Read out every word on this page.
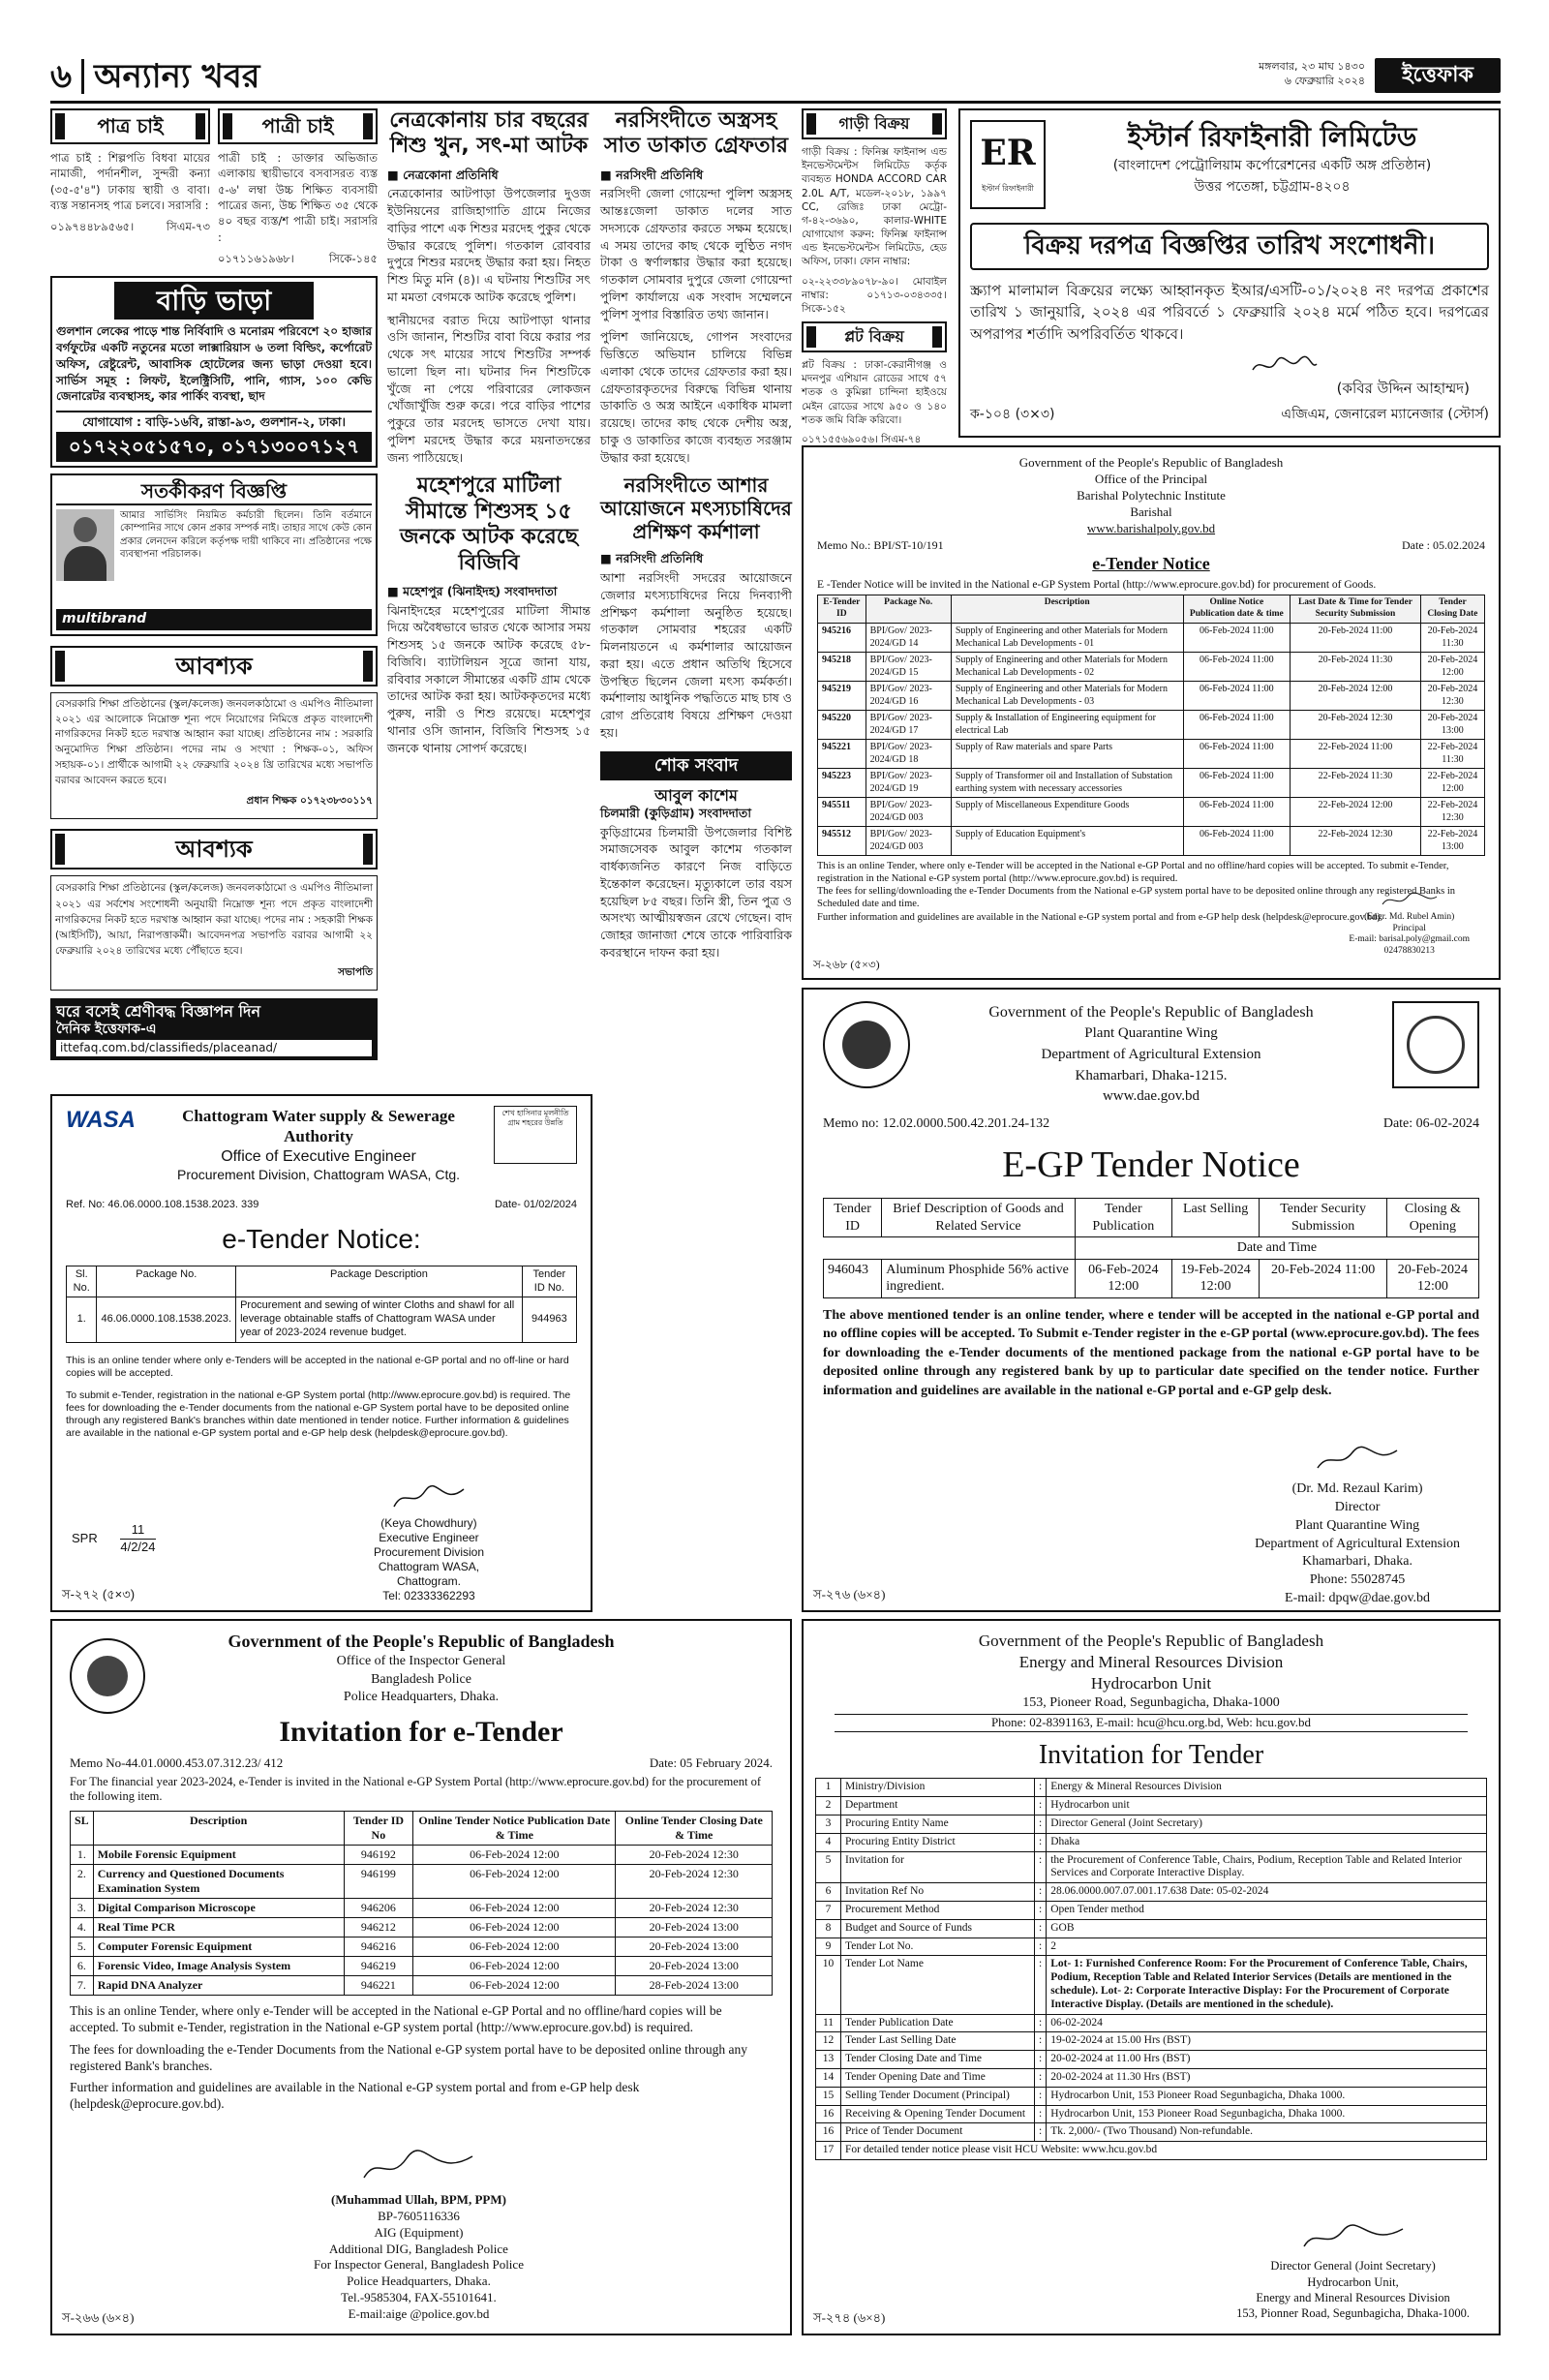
৬ অন্যান্য খবর	মঙ্গলবার, ২৩ মাঘ ১৪৩০
৬ ফেব্রুয়ারি ২০২৪	ইত্তেফাক
পাত্র চাই

পাত্র চাই : শিল্পপতি বিধবা মায়ের নামাজী, পর্দানশীল, সুন্দরী কন্যা (৩৫-৫'৪") ঢাকায় স্থায়ী ও বাবা। ব্যস্ত সন্তানসহ পাত্র চলবে। সরাসরি :

০১৯৭৪৪৮৯৫৬৫।	সিএম-৭৩

পাত্রী চাই

পাত্রী চাই : ডাক্তার অভিজাত এলাকায় স্থায়ীভাবে বসবাসরত ব্যস্ত ৫-৬' লম্বা উচ্চ শিক্ষিত ব্যবসায়ী পাত্রের জন্য, উচ্চ শিক্ষিত ৩৫ থেকে ৪০ বছর ব্যস্ত/শ পাত্রী চাই। সরাসরি :

০১৭১১৬১৯৬৮।	সিকে-১৪৫

বাড়ি ভাড়া

গুলশান লেকের পাড়ে শান্ত নির্বিবাদি ও মনোরম পরিবেশে ২০ হাজার বর্গফুটের একটি নতুনের মতো লাক্সারিয়াস ৬ তলা বিল্ডিং, কর্পোরেট অফিস, রেষ্টুরেন্ট, আবাসিক হোটেলের জন্য ভাড়া দেওয়া হবে। সার্ভিস সমূহ : লিফট, ইলেক্ট্রিসিটি, পানি, গ্যাস, ১০০ কেভি জেনারেটর ব্যবস্থাসহ, কার পার্কিং ব্যবস্থা, ছাদ

যোগাযোগ : বাড়ি-১৬বি, রাস্তা-৯৩, গুলশান-২, ঢাকা।
০১৭২২০৫১৫৭০, ০১৭১৩০০৭১২৭
সতর্কীকরণ বিজ্ঞপ্তি

আমার সার্ভিসিং নিয়মিত কর্মচারী ছিলেন। তিনি বর্তমানে কোম্পানির সাথে কোন প্রকার সম্পর্ক নাই। তাহার সাথে কেউ কোন প্রকার লেনদেন করিলে কর্তৃপক্ষ দায়ী থাকিবে না। প্রতিষ্ঠানের পক্ষে ব্যবস্থাপনা পরিচালক।

multibrand
আবশ্যক

বেসরকারি শিক্ষা প্রতিষ্ঠানের (স্কুল/কলেজ) জনবলকাঠামো ও এমপিও নীতিমালা ২০২১ এর আলোকে নিম্নোক্ত শূন্য পদে নিয়োগের নিমিত্তে প্রকৃত বাংলাদেশী নাগরিকদের নিকট হতে দরখাস্ত আহ্বান করা যাচ্ছে। প্রতিষ্ঠানের নাম : সরকারি অনুমোদিত শিক্ষা প্রতিষ্ঠান। পদের নাম ও সংখ্যা : শিক্ষক-০১, অফিস সহায়ক-০১। প্রার্থীকে আগামী ২২ ফেব্রুয়ারি ২০২৪ খ্রি তারিখের মধ্যে সভাপতি বরাবর আবেদন করতে হবে।

প্রধান শিক্ষক ০১৭২৩৮৩০১১৭

আবশ্যক

বেসরকারি শিক্ষা প্রতিষ্ঠানের (স্কুল/কলেজ) জনবলকাঠামো ও এমপিও নীতিমালা ২০২১ এর সর্বশেষ সংশোধনী অনুযায়ী নিম্নোক্ত শূন্য পদে প্রকৃত বাংলাদেশী নাগরিকদের নিকট হতে দরখাস্ত আহ্বান করা যাচ্ছে। পদের নাম : সহকারী শিক্ষক (আইসিটি), আয়া, নিরাপত্তাকর্মী। আবেদনপত্র সভাপতি বরাবর আগামী ২২ ফেব্রুয়ারি ২০২৪ তারিখের মধ্যে পৌঁছাতে হবে।

সভাপতি

ঘরে বসেই শ্রেণীবদ্ধ বিজ্ঞাপন দিন
দৈনিক ইত্তেফাক-এ
ittefaq.com.bd/classifieds/placeanad/
নেত্রকোনায় চার বছরের শিশু খুন, সৎ-মা আটক
■ নেত্রকোনা প্রতিনিধি

নেত্রকোনার আটপাড়া উপজেলার দুওজ ইউনিয়নের রাজিহাগাতি গ্রামে নিজের বাড়ির পাশে এক শিশুর মরদেহ পুকুর থেকে উদ্ধার করেছে পুলিশ। গতকাল রোববার দুপুরে শিশুর মরদেহ উদ্ধার করা হয়। নিহত শিশু মিতু মনি (৪)। এ ঘটনায় শিশুটির সৎ মা মমতা বেগমকে আটক করেছে পুলিশ।

স্থানীয়দের বরাত দিয়ে আটপাড়া থানার ওসি জানান, শিশুটির বাবা বিয়ে করার পর থেকে সৎ মায়ের সাথে শিশুটির সম্পর্ক ভালো ছিল না। ঘটনার দিন শিশুটিকে খুঁজে না পেয়ে পরিবারের লোকজন খোঁজাখুঁজি শুরু করে। পরে বাড়ির পাশের পুকুরে তার মরদেহ ভাসতে দেখা যায়। পুলিশ মরদেহ উদ্ধার করে ময়নাতদন্তের জন্য পাঠিয়েছে।

মহেশপুরে মাটিলা সীমান্তে শিশুসহ ১৫ জনকে আটক করেছে বিজিবি
■ মহেশপুর (ঝিনাইদহ) সংবাদদাতা

ঝিনাইদহের মহেশপুরের মাটিলা সীমান্ত দিয়ে অবৈধভাবে ভারত থেকে আসার সময় শিশুসহ ১৫ জনকে আটক করেছে ৫৮-বিজিবি। ব্যাটালিয়ন সূত্রে জানা যায়, রবিবার সকালে সীমান্তের একটি গ্রাম থেকে তাদের আটক করা হয়। আটককৃতদের মধ্যে পুরুষ, নারী ও শিশু রয়েছে। মহেশপুর থানার ওসি জানান, বিজিবি শিশুসহ ১৫ জনকে থানায় সোপর্দ করেছে।

নরসিংদীতে অস্ত্রসহ সাত ডাকাত গ্রেফতার
■ নরসিংদী প্রতিনিধি

নরসিংদী জেলা গোয়েন্দা পুলিশ অস্ত্রসহ আন্তঃজেলা ডাকাত দলের সাত সদস্যকে গ্রেফতার করতে সক্ষম হয়েছে। এ সময় তাদের কাছ থেকে লুণ্ঠিত নগদ টাকা ও স্বর্ণালঙ্কার উদ্ধার করা হয়েছে। গতকাল সোমবার দুপুরে জেলা গোয়েন্দা পুলিশ কার্যালয়ে এক সংবাদ সম্মেলনে পুলিশ সুপার বিস্তারিত তথ্য জানান।

পুলিশ জানিয়েছে, গোপন সংবাদের ভিত্তিতে অভিযান চালিয়ে বিভিন্ন এলাকা থেকে তাদের গ্রেফতার করা হয়। গ্রেফতারকৃতদের বিরুদ্ধে বিভিন্ন থানায় ডাকাতি ও অস্ত্র আইনে একাধিক মামলা রয়েছে। তাদের কাছ থেকে দেশীয় অস্ত্র, চাকু ও ডাকাতির কাজে ব্যবহৃত সরঞ্জাম উদ্ধার করা হয়েছে।

নরসিংদীতে আশার আয়োজনে মৎস্যচাষিদের প্রশিক্ষণ কর্মশালা
■ নরসিংদী প্রতিনিধি

আশা নরসিংদী সদরের আয়োজনে জেলার মৎস্যচাষিদের নিয়ে দিনব্যাপী প্রশিক্ষণ কর্মশালা অনুষ্ঠিত হয়েছে। গতকাল সোমবার শহরের একটি মিলনায়তনে এ কর্মশালার আয়োজন করা হয়। এতে প্রধান অতিথি হিসেবে উপস্থিত ছিলেন জেলা মৎস্য কর্মকর্তা। কর্মশালায় আধুনিক পদ্ধতিতে মাছ চাষ ও রোগ প্রতিরোধ বিষয়ে প্রশিক্ষণ দেওয়া হয়।

শোক সংবাদ
আবুল কাশেম
চিলমারী (কুড়িগ্রাম) সংবাদদাতা

কুড়িগ্রামের চিলমারী উপজেলার বিশিষ্ট সমাজসেবক আবুল কাশেম গতকাল বার্ধক্যজনিত কারণে নিজ বাড়িতে ইন্তেকাল করেছেন। মৃত্যুকালে তার বয়স হয়েছিল ৮৫ বছর। তিনি স্ত্রী, তিন পুত্র ও অসংখ্য আত্মীয়স্বজন রেখে গেছেন। বাদ জোহর জানাজা শেষে তাকে পারিবারিক কবরস্থানে দাফন করা হয়।

গাড়ী বিক্রয়

গাড়ী বিক্রয় : ফিনিক্স ফাইনান্স এন্ড ইনভেস্টমেন্টস লিমিটেড কর্তৃক ব্যবহৃত HONDA ACCORD CAR 2.0L A/T, মডেল-২০১৮, ১৯৯৭ CC, রেজিঃ ঢাকা মেট্রো-গ-৪২-৩৬৯০, কালার-WHITE যোগাযোগ করুন: ফিনিক্স ফাইনান্স এন্ড ইনভেস্টমেন্টস লিমিটেড, হেড অফিস, ঢাকা। ফোন নাম্বার:

০২-২২৩৩৮৯০৭৮-৯০। মোবাইল নাম্বার: ০১৭১৩-০৩৪৩৩৫। সিকে-১৫২

প্লট বিক্রয়

প্লট বিক্রয় : ঢাকা-কেরানীগঞ্জ ও মদনপুর এশিয়ান রোডের সাথে ৫৭ শতক ও কুমিল্লা চান্দিনা হাইওয়ে মেইন রোডের সাথে ৯৫০ ও ১৪০ শতক জমি বিক্রি করিবো।

০১৭১৫৫৬৯০৫৬। সিএম-৭৪

ER
ইস্টার্ন রিফাইনারী
ইস্টার্ন রিফাইনারী লিমিটেড
(বাংলাদেশ পেট্রোলিয়াম কর্পোরেশনের একটি অঙ্গ প্রতিষ্ঠান)
উত্তর পতেঙ্গা, চট্টগ্রাম-৪২০৪
বিক্রয় দরপত্র বিজ্ঞপ্তির তারিখ সংশোধনী।

স্ক্র্যাপ মালামাল বিক্রয়ের লক্ষ্যে আহ্বানকৃত ইআর/এসটি-০১/২০২৪ নং দরপত্র প্রকাশের তারিখ ১ জানুয়ারি, ২০২৪ এর পরিবর্তে ১ ফেব্রুয়ারি ২০২৪ মর্মে পঠিত হবে। দরপত্রের অপরাপর শর্তাদি অপরিবর্তিত থাকবে।

(কবির উদ্দিন আহাম্মদ)
ক-১০৪ (৩×৩)	এজিএম, জেনারেল ম্যানেজার (স্টোর্স)
Government of the People's Republic of Bangladesh
Office of the Principal
Barishal Polytechnic Institute
Barishal
www.barishalpoly.gov.bd
Memo No.: BPI/ST-10/191	Date : 05.02.2024
e-Tender Notice

E -Tender Notice will be invited in the National e-GP System Portal (http://www.eprocure.gov.bd) for procurement of Goods.

E-Tender ID	Package No.	Description	Online Notice Publication date & time	Last Date & Time for Tender Security Submission	Tender Closing Date
945216	BPI/Gov/ 2023-2024/GD 14	Supply of Engineering and other Materials for Modern Mechanical Lab Developments - 01	06-Feb-2024 11:00	20-Feb-2024 11:00	20-Feb-2024 11:30
945218	BPI/Gov/ 2023-2024/GD 15	Supply of Engineering and other Materials for Modern Mechanical Lab Developments - 02	06-Feb-2024 11:00	20-Feb-2024 11:30	20-Feb-2024 12:00
945219	BPI/Gov/ 2023-2024/GD 16	Supply of Engineering and other Materials for Modern Mechanical Lab Developments - 03	06-Feb-2024 11:00	20-Feb-2024 12:00	20-Feb-2024 12:30
945220	BPI/Gov/ 2023-2024/GD 17	Supply & Installation of Engineering equipment for electrical Lab	06-Feb-2024 11:00	20-Feb-2024 12:30	20-Feb-2024 13:00
945221	BPI/Gov/ 2023-2024/GD 18	Supply of Raw materials and spare Parts	06-Feb-2024 11:00	22-Feb-2024 11:00	22-Feb-2024 11:30
945223	BPI/Gov/ 2023-2024/GD 19	Supply of Transformer oil and Installation of Substation earthing system with necessary accessories	06-Feb-2024 11:00	22-Feb-2024 11:30	22-Feb-2024 12:00
945511	BPI/Gov/ 2023-2024/GD 003	Supply of Miscellaneous Expenditure Goods	06-Feb-2024 11:00	22-Feb-2024 12:00	22-Feb-2024 12:30
945512	BPI/Gov/ 2023-2024/GD 003	Supply of Education Equipment's	06-Feb-2024 11:00	22-Feb-2024 12:30	22-Feb-2024 13:00

This is an online Tender, where only e-Tender will be accepted in the National e-GP Portal and no offline/hard copies will be accepted. To submit e-Tender, registration in the National e-GP system portal (http://www.eprocure.gov.bd) is required.

The fees for selling/downloading the e-Tender Documents from the National e-GP system portal have to be deposited online through any registered Banks in Scheduled date and time.

Further information and guidelines are available in the National e-GP system portal and from e-GP help desk (helpdesk@eprocure.gov.bd).

(Engr. Md. Rubel Amin)
Principal
E-mail: barisal.poly@gmail.com
02478830213
স-২৬৮ (৫×৩)
WASA	Chattogram Water supply & Sewerage Authority
Office of Executive Engineer
Procurement Division, Chattogram WASA, Ctg.
শেখ হাসিনার মূলনীতি গ্রাম শহরের উন্নতি
Ref. No: 46.06.0000.108.1538.2023. 339	Date- 01/02/2024
e-Tender Notice:
Sl. No.	Package No.	Package Description	Tender ID No.
1.	46.06.0000.108.1538.2023.	Procurement and sewing of winter Cloths and shawl for all leverage obtainable staffs of Chattogram WASA under year of 2023-2024 revenue budget.	944963

This is an online tender where only e-Tenders will be accepted in the national e-GP portal and no off-line or hard copies will be accepted.

To submit e-Tender, registration in the national e-GP System portal (http://www.eprocure.gov.bd) is required. The fees for downloading the e-Tender documents from the national e-GP System portal have to be deposited online through any registered Bank's branches within date mentioned in tender notice. Further information & guidelines are available in the national e-GP system portal and e-GP help desk (helpdesk@eprocure.gov.bd).

SPR $\frac{11}{4/2/24}$	(Keya Chowdhury)
Executive Engineer
Procurement Division
Chattogram WASA,
Chattogram.
Tel: 02333362293
স-২৭২ (৫×৩)
Government of the People's Republic of Bangladesh
Plant Quarantine Wing
Department of Agricultural Extension
Khamarbari, Dhaka-1215.
www.dae.gov.bd
Memo no: 12.02.0000.500.42.201.24-132	Date: 06-02-2024
E-GP Tender Notice
Tender ID	Brief Description of Goods and Related Service	Tender Publication	Last Selling	Tender Security Submission	Closing & Opening
		Date and Time			
946043	Aluminum Phosphide 56% active ingredient.	06-Feb-2024 12:00	19-Feb-2024 12:00	20-Feb-2024 11:00	20-Feb-2024 12:00

The above mentioned tender is an online tender, where e tender will be accepted in the national e-GP portal and no offline copies will be accepted. To Submit e-Tender register in the e-GP portal (www.eprocure.gov.bd). The fees for downloading the e-Tender documents of the mentioned package from the national e-GP portal have to be deposited online through any registered bank by up to particular date specified on the tender notice. Further information and guidelines are available in the national e-GP portal and e-GP gelp desk.

(Dr. Md. Rezaul Karim)
Director
Plant Quarantine Wing
Department of Agricultural Extension
Khamarbari, Dhaka.
Phone: 55028745
E-mail: dpqw@dae.gov.bd
স-২৭৬ (৬×৪)
Government of the People's Republic of Bangladesh
Office of the Inspector General
Bangladesh Police
Police Headquarters, Dhaka.
Invitation for e-Tender
Memo No-44.01.0000.453.07.312.23/ 412	Date: 05 February 2024.

For The financial year 2023-2024, e-Tender is invited in the National e-GP System Portal (http://www.eprocure.gov.bd) for the procurement of the following item.

SL	Description	Tender ID No	Online Tender Notice Publication Date & Time	Online Tender Closing Date & Time
1.	Mobile Forensic Equipment	946192	06-Feb-2024 12:00	20-Feb-2024 12:30
2.	Currency and Questioned Documents Examination System	946199	06-Feb-2024 12:00	20-Feb-2024 12:30
3.	Digital Comparison Microscope	946206	06-Feb-2024 12:00	20-Feb-2024 12:30
4.	Real Time PCR	946212	06-Feb-2024 12:00	20-Feb-2024 13:00
5.	Computer Forensic Equipment	946216	06-Feb-2024 12:00	20-Feb-2024 13:00
6.	Forensic Video, Image Analysis System	946219	06-Feb-2024 12:00	20-Feb-2024 13:00
7.	Rapid DNA Analyzer	946221	06-Feb-2024 12:00	28-Feb-2024 13:00

This is an online Tender, where only e-Tender will be accepted in the National e-GP Portal and no offline/hard copies will be accepted. To submit e-Tender, registration in the National e-GP system portal (http://www.eprocure.gov.bd) is required.

The fees for downloading the e-Tender Documents from the National e-GP system portal have to be deposited online through any registered Bank's branches.

Further information and guidelines are available in the National e-GP system portal and from e-GP help desk (helpdesk@eprocure.gov.bd).

(Muhammad Ullah, BPM, PPM)
BP-7605116336
AIG (Equipment)
Additional DIG, Bangladesh Police
For Inspector General, Bangladesh Police
Police Headquarters, Dhaka.
Tel.-9585304, FAX-55101641.
E-mail:aige @police.gov.bd
স-২৬৬ (৬×৪)
Government of the People's Republic of Bangladesh
Energy and Mineral Resources Division
Hydrocarbon Unit
153, Pioneer Road, Segunbagicha, Dhaka-1000
Phone: 02-8391163, E-mail: hcu@hcu.org.bd, Web: hcu.gov.bd
Invitation for Tender
1	Ministry/Division	:	Energy & Mineral Resources Division
2	Department	:	Hydrocarbon unit
3	Procuring Entity Name	:	Director General (Joint Secretary)
4	Procuring Entity District	:	Dhaka
5	Invitation for	:	the Procurement of Conference Table, Chairs, Podium, Reception Table and Related Interior Services and Corporate Interactive Display.
6	Invitation Ref No	:	28.06.0000.007.07.001.17.638 Date: 05-02-2024
7	Procurement Method	:	Open Tender method
8	Budget and Source of Funds	:	GOB
9	Tender Lot No.	:	2
10	Tender Lot Name	:	Lot- 1: Furnished Conference Room: For the Procurement of Conference Table, Chairs, Podium, Reception Table and Related Interior Services (Details are mentioned in the schedule). Lot- 2: Corporate Interactive Display: For the Procurement of Corporate Interactive Display. (Details are mentioned in the schedule).
11	Tender Publication Date	:	06-02-2024
12	Tender Last Selling Date	:	19-02-2024 at 15.00 Hrs (BST)
13	Tender Closing Date and Time	:	20-02-2024 at 11.00 Hrs (BST)
14	Tender Opening Date and Time	:	20-02-2024 at 11.30 Hrs (BST)
15	Selling Tender Document (Principal)	:	Hydrocarbon Unit, 153 Pioneer Road Segunbagicha, Dhaka 1000.
16	Receiving & Opening Tender Document	:	Hydrocarbon Unit, 153 Pioneer Road Segunbagicha, Dhaka 1000.
16	Price of Tender Document	:	Tk. 2,000/- (Two Thousand) Non-refundable.
17	For detailed tender notice please visit HCU Website: www.hcu.gov.bd		
Director General (Joint Secretary)
Hydrocarbon Unit,
Energy and Mineral Resources Division
153, Pionner Road, Segunbagicha, Dhaka-1000.
স-২৭৪ (৬×৪)
